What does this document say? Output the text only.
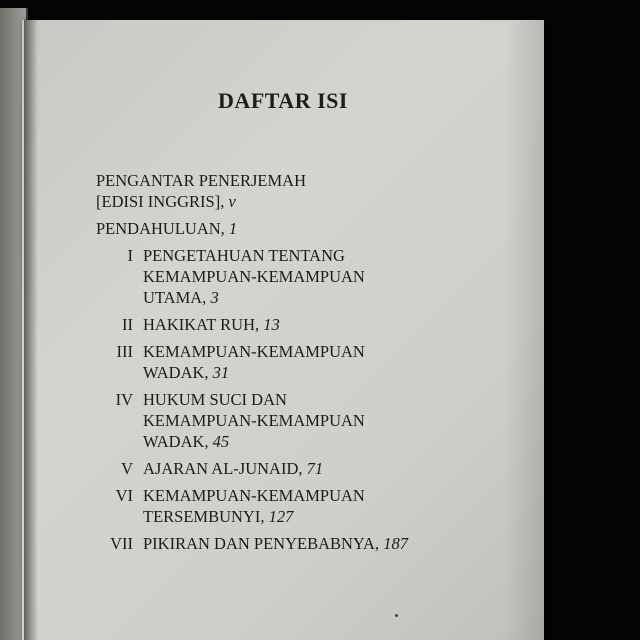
DAFTAR ISI
PENGANTAR PENERJEMAH
[EDISI INGGRIS], v
PENDAHULUAN, 1
I PENGETAHUAN TENTANG
KEMAMPUAN-KEMAMPUAN
UTAMA, 3
II HAKIKAT RUH, 13
III KEMAMPUAN-KEMAMPUAN
WADAK, 31
IV HUKUM SUCI DAN
KEMAMPUAN-KEMAMPUAN
WADAK, 45
V AJARAN AL-JUNAID, 71
VI KEMAMPUAN-KEMAMPUAN
TERSEMBUNYI, 127
VII PIKIRAN DAN PENYEBABNYA, 187
